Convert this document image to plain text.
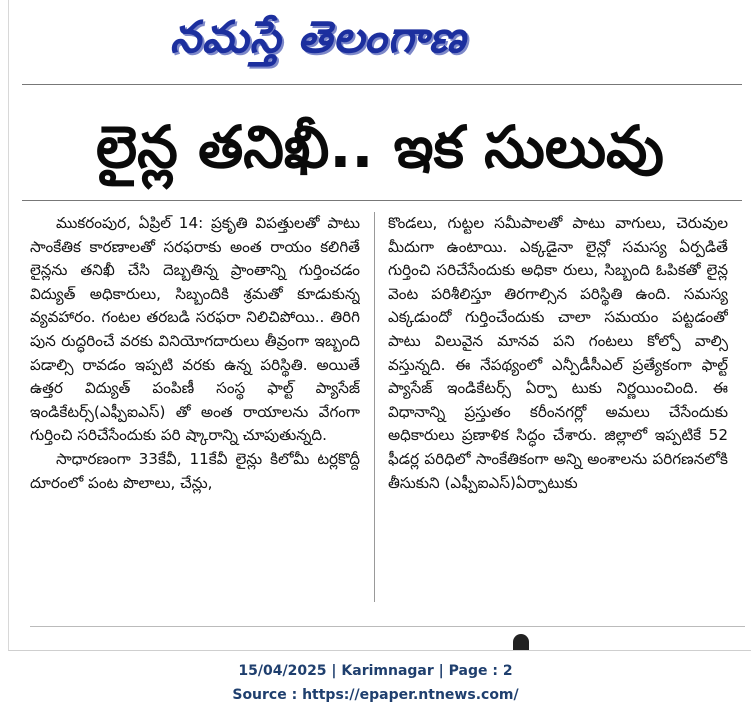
నమస్తే తెలంగాణ
లైన్ల తనిఖీ.. ఇక సులువు

ముకరంపుర, ఏప్రిల్ 14: ప్రకృతి విపత్తులతో పాటు సాంకేతిక కారణాలతో సరఫరాకు అంత రాయం కలిగితే లైన్లను తనిఖీ చేసి దెబ్బతిన్న ప్రాంతాన్ని గుర్తించడం విద్యుత్ అధికారులు, సిబ్బందికి శ్రమతో కూడుకున్న వ్యవహారం. గంటల తరబడి సరఫరా నిలిచిపోయి.. తిరిగి పున రుద్ధరించే వరకు వినియోగదారులు తీవ్రంగా ఇబ్బంది పడాల్సి రావడం ఇప్పటి వరకు ఉన్న పరిస్థితి. అయితే ఉత్తర విద్యుత్ పంపిణీ సంస్థ ఫాల్ట్ ప్యాసేజ్ ఇండికేటర్స్(ఎఫ్పీఐఎస్) తో అంత రాయాలను వేగంగా గుర్తించి సరిచేసేందుకు పరి ష్కారాన్ని చూపుతున్నది.

సాధారణంగా 33కేవీ, 11కేవీ లైన్లు కిలోమీ టర్లకొద్దీ దూరంలో పంట పొలాలు, చేన్లు,

కొండలు, గుట్టల సమీపాలతో పాటు వాగులు, చెరువుల మీదుగా ఉంటాయి. ఎక్కడైనా లైన్లో సమస్య ఏర్పడితే గుర్తించి సరిచేసేందుకు అధికా రులు, సిబ్బంది ఓపికతో లైన్ల వెంట పరిశీలిస్తూ తిరగాల్సిన పరిస్థితి ఉంది. సమస్య ఎక్కడుందో గుర్తించేందుకు చాలా సమయం పట్టడంతో పాటు విలువైన మానవ పని గంటలు కోల్పో వాల్సి వస్తున్నది. ఈ నేపథ్యంలో ఎన్పీడీసీఎల్ ప్రత్యేకంగా ఫాల్ట్ ప్యాసేజ్ ఇండికేటర్స్ ఏర్పా టుకు నిర్ణయించింది. ఈ విధానాన్ని ప్రస్తుతం కరీంనగర్లో అమలు చేసేందుకు అధికారులు ప్రణాళిక సిద్ధం చేశారు. జిల్లాలో ఇప్పటికే 52 ఫీడర్ల పరిధిలో సాంకేతికంగా అన్ని అంశాలను పరిగణనలోకి తీసుకుని (ఎఫ్పీఐఎస్)ఏర్పాటుకు

15/04/2025 | Karimnagar | Page : 2
Source : https://epaper.ntnews.com/
